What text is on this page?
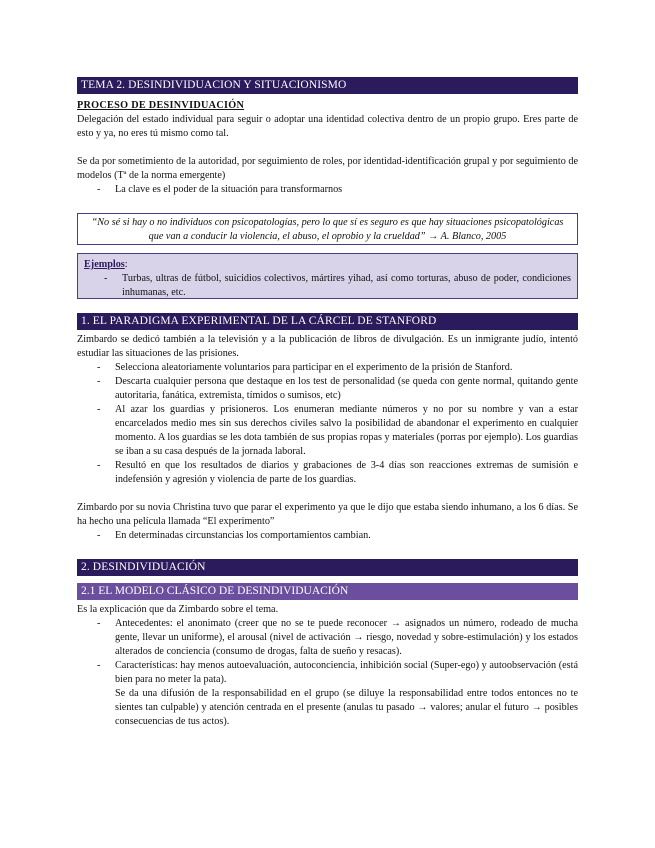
TEMA 2. DESINDIVIDUACION Y SITUACIONISMO

PROCESO DE DESINVIDUACIÓN

Delegación del estado individual para seguir o adoptar una identidad colectiva dentro de un propio grupo. Eres parte de esto y ya, no eres tú mismo como tal.

Se da por sometimiento de la autoridad, por seguimiento de roles, por identidad-identificación grupal y por seguimiento de modelos (Tª de la norma emergente)

- La clave es el poder de la situación para transformarnos
“No sé si hay o no individuos con psicopatologías, pero lo que sí es seguro es que hay situaciones psicopatológicas que van a conducir la violencia, el abuso, el oprobio y la crueldad” → A. Blanco, 2005
Ejemplos:
- Turbas, ultras de fútbol, suicidios colectivos, mártires yihad, así como torturas, abuso de poder, condiciones inhumanas, etc.
1. EL PARADIGMA EXPERIMENTAL DE LA CÁRCEL DE STANFORD

Zimbardo se dedicó también a la televisión y a la publicación de libros de divulgación. Es un inmigrante judío, intentó estudiar las situaciones de las prisiones.

- Selecciona aleatoriamente voluntarios para participar en el experimento de la prisión de Stanford.
- Descarta cualquier persona que destaque en los test de personalidad (se queda con gente normal, quitando gente autoritaria, fanática, extremista, tímidos o sumisos, etc)
- Al azar los guardias y prisioneros. Los enumeran mediante números y no por su nombre y van a estar encarcelados medio mes sin sus derechos civiles salvo la posibilidad de abandonar el experimento en cualquier momento. A los guardias se les dota también de sus propias ropas y materiales (porras por ejemplo). Los guardias se iban a su casa después de la jornada laboral.
- Resultó en que los resultados de diarios y grabaciones de 3-4 días son reacciones extremas de sumisión e indefensión y agresión y violencia de parte de los guardias.

Zimbardo por su novia Christina tuvo que parar el experimento ya que le dijo que estaba siendo inhumano, a los 6 días. Se ha hecho una película llamada “El experimento”

- En determinadas circunstancias los comportamientos cambian.
2. DESINDIVIDUACIÓN
2.1 EL MODELO CLÁSICO DE DESINDIVIDUACIÓN

Es la explicación que da Zimbardo sobre el tema.

- Antecedentes: el anonimato (creer que no se te puede reconocer → asignados un número, rodeado de mucha gente, llevar un uniforme), el arousal (nivel de activación → riesgo, novedad y sobre-estimulación) y los estados alterados de conciencia (consumo de drogas, falta de sueño y resacas).
- Características: hay menos autoevaluación, autoconciencia, inhibición social (Super-ego) y autoobservación (está bien para no meter la pata).

Se da una difusión de la responsabilidad en el grupo (se diluye la responsabilidad entre todos entonces no te sientes tan culpable) y atención centrada en el presente (anulas tu pasado → valores; anular el futuro → posibles consecuencias de tus actos).
